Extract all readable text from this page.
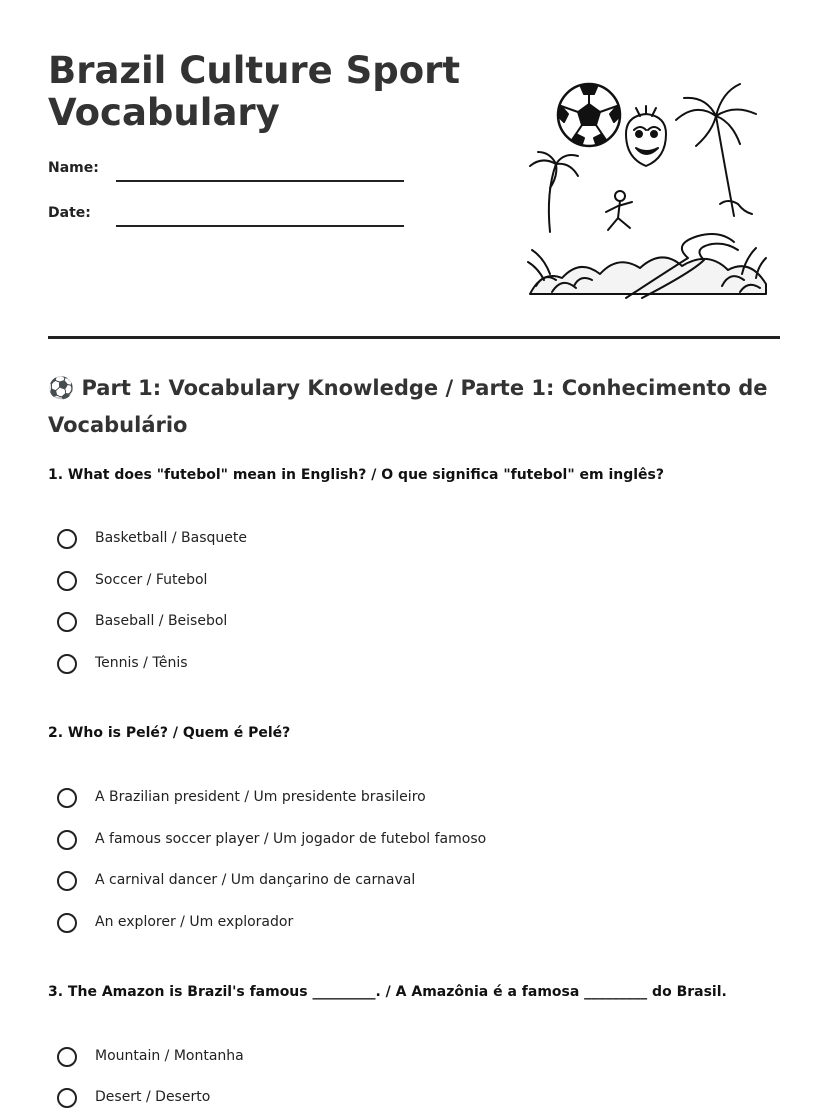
Brazil Culture Sport Vocabulary
Name:
Date:
⚽ Part 1: Vocabulary Knowledge / Parte 1: Conhecimento de Vocabulário
1. What does "futebol" mean in English? / O que significa "futebol" em inglês?
Basketball / Basquete
Soccer / Futebol
Baseball / Beisebol
Tennis / Tênis
2. Who is Pelé? / Quem é Pelé?
A Brazilian president / Um presidente brasileiro
A famous soccer player / Um jogador de futebol famoso
A carnival dancer / Um dançarino de carnaval
An explorer / Um explorador
3. The Amazon is Brazil's famous _________. / A Amazônia é a famosa _________ do Brasil.
Mountain / Montanha
Desert / Deserto
